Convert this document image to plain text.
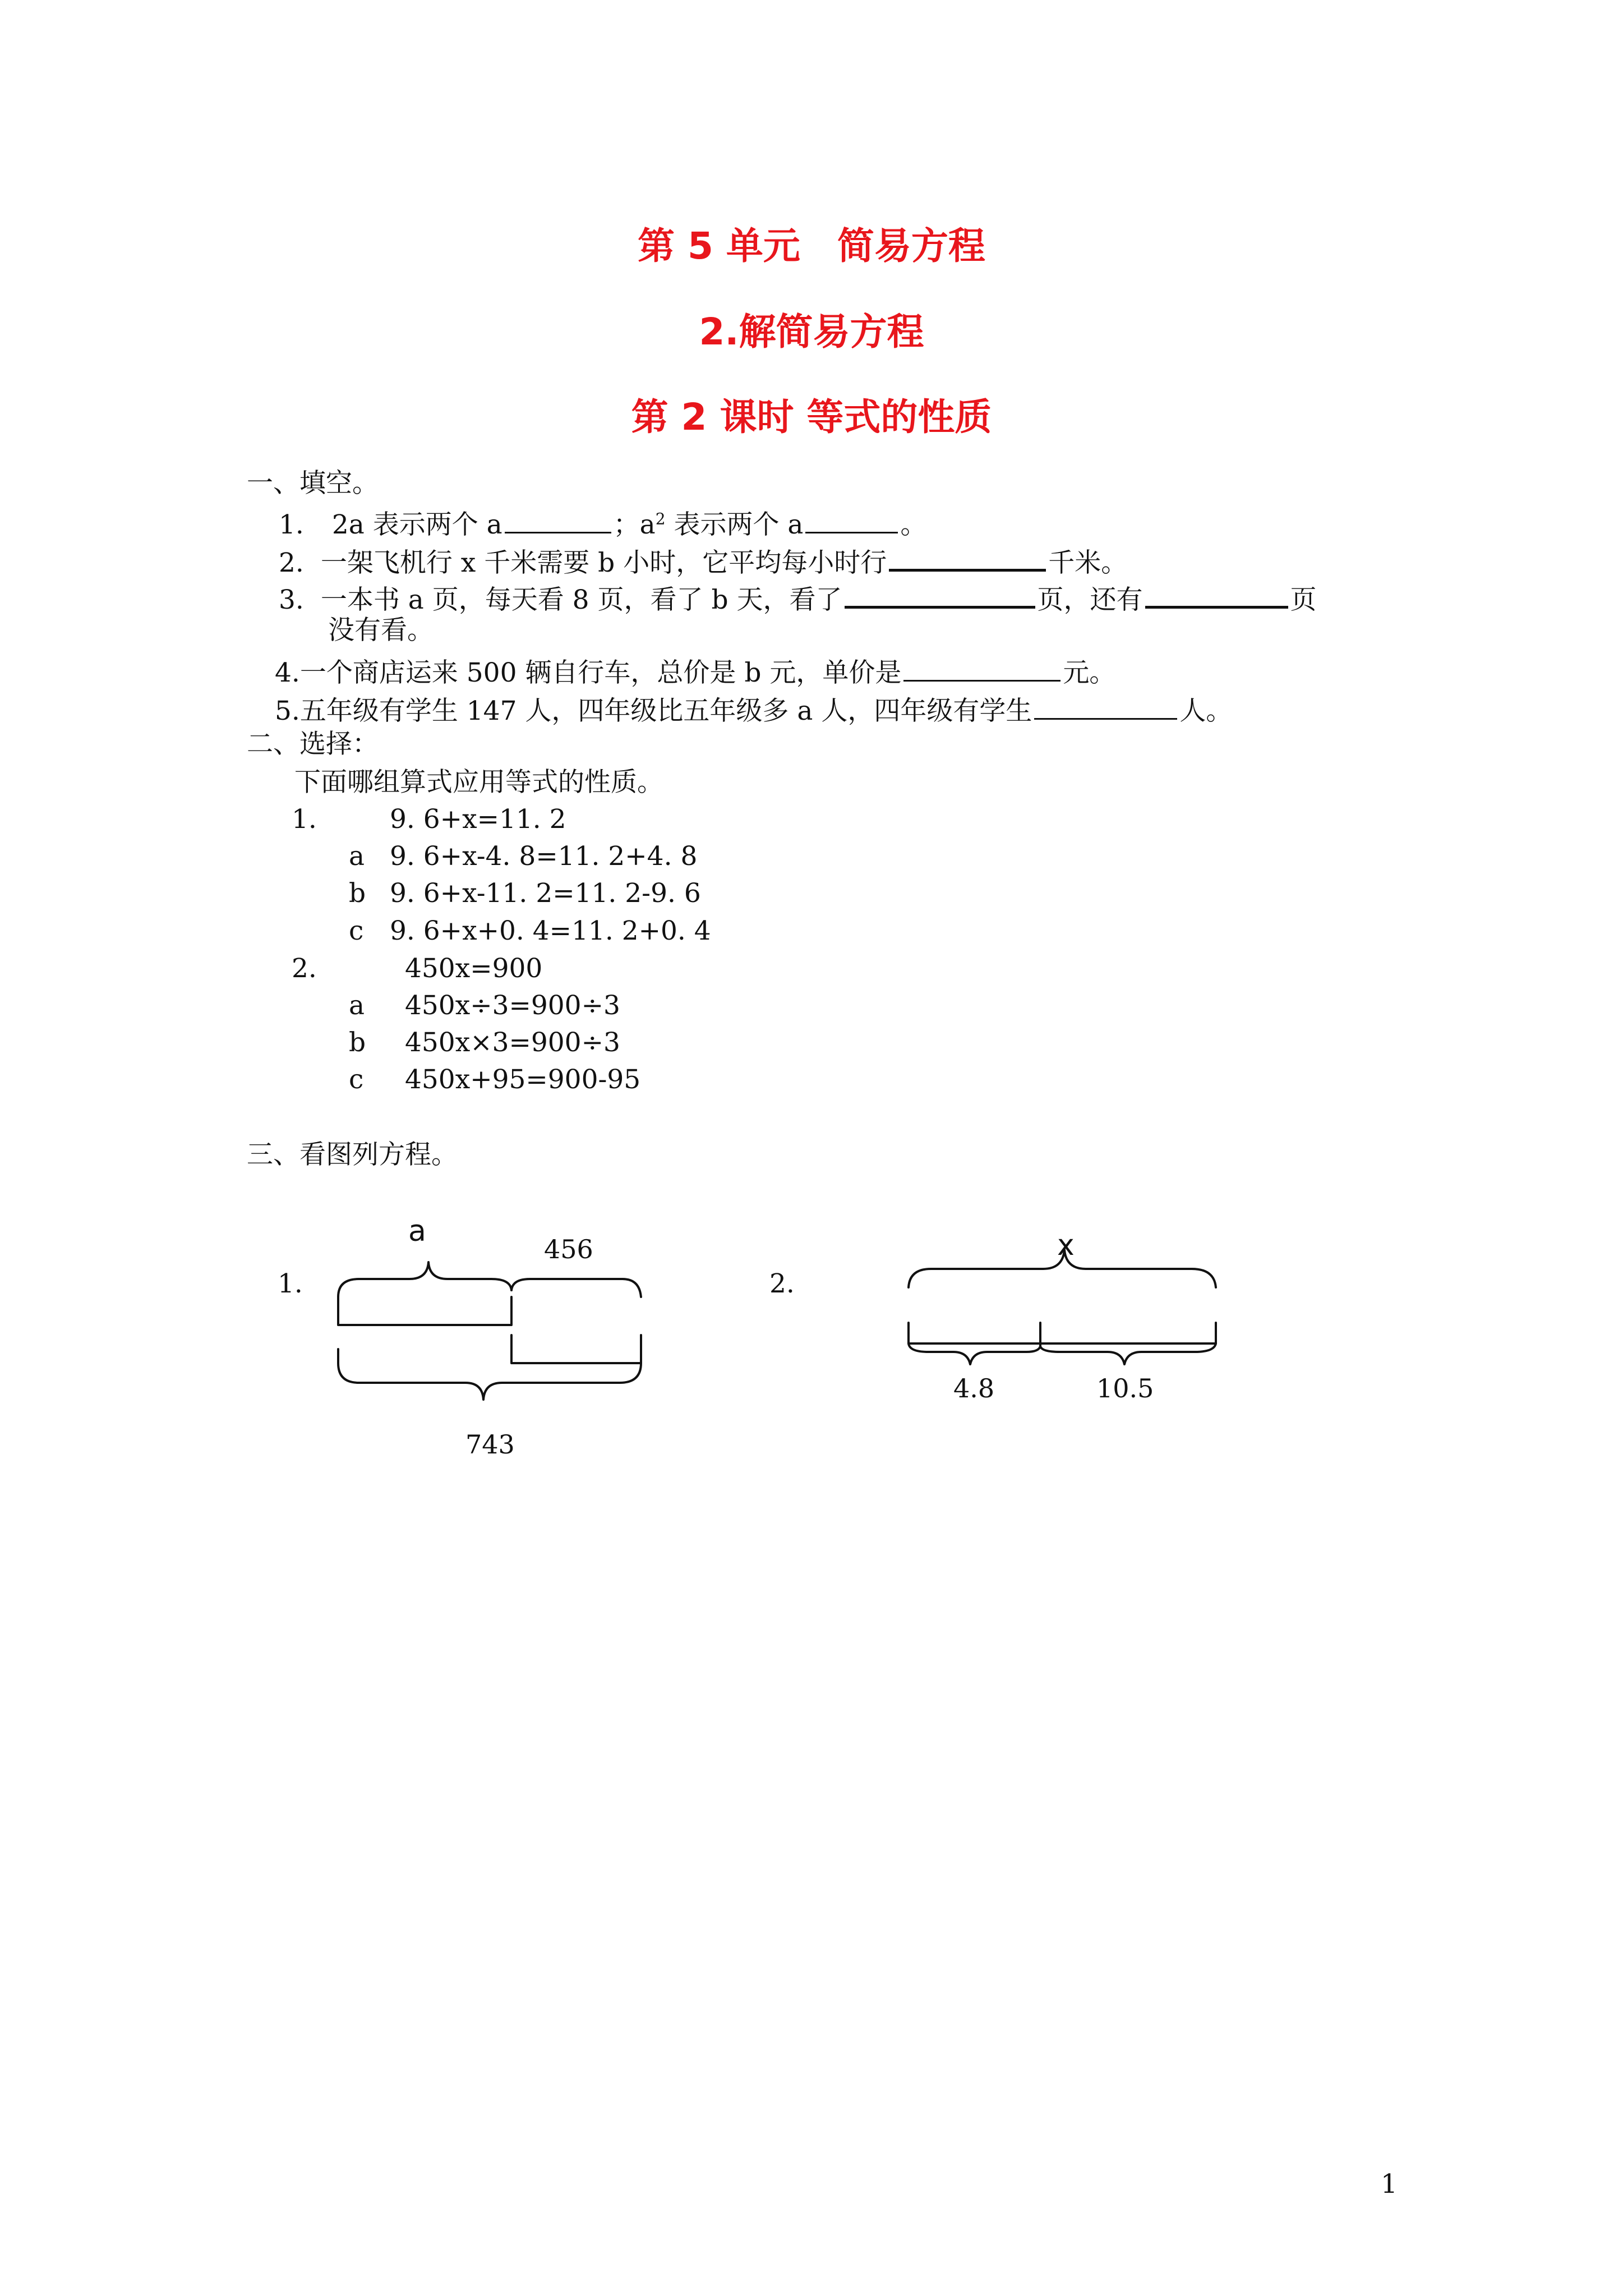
第 5 单元　简易方程
2.解简易方程
第 2 课时 等式的性质
一、填空。
1. 2a 表示两个 a	；$a^2$ 表示两个 a	。
2. 一架飞机行 x 千米需要 b 小时，它平均每小时行	千米。
3. 一本书 a 页，每天看 8 页，看了 b 天，看了	页，还有	页
没有看。
4.一个商店运来 500 辆自行车，总价是 b 元，单价是	元。
5.五年级有学生 147 人，四年级比五年级多 a 人，四年级有学生	人。
二、选择：
下面哪组算式应用等式的性质。
1.	9. 6+x=11. 2
a 9. 6+x-4. 8=11. 2+4. 8
b 9. 6+x-11. 2=11. 2-9. 6
c 9. 6+x+0. 4=11. 2+0. 4
2.	450x=900
a 450x÷3=900÷3
b 450x×3=900÷3
c 450x+95=900-95
三、看图列方程。
1.
a
456
743
2.
x
4.8	10.5
1
